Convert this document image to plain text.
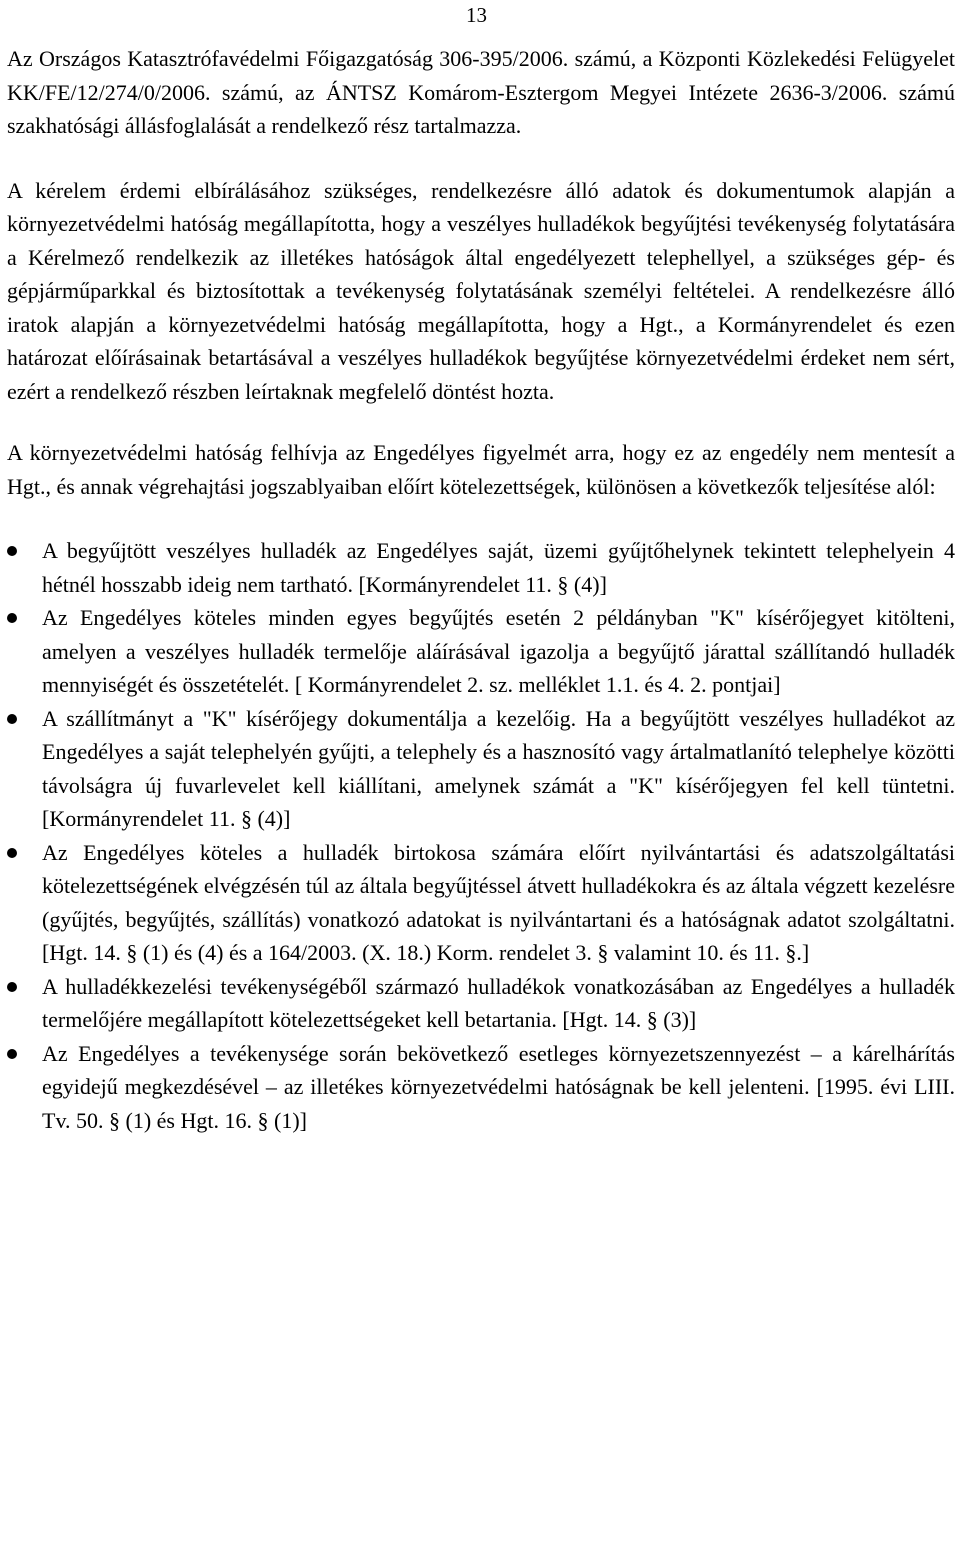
13

Az Országos Katasztrófavédelmi Főigazgatóság 306-395/2006. számú, a Központi Közlekedési Felügyelet KK/FE/12/274/0/2006. számú, az ÁNTSZ Komárom-Esztergom Megyei Intézete 2636-3/2006. számú szakhatósági állásfoglalását a rendelkező rész tartalmazza.

A kérelem érdemi elbírálásához szükséges, rendelkezésre álló adatok és dokumentumok alapján a környezetvédelmi hatóság megállapította, hogy a veszélyes hulladékok begyűjtési tevékenység folytatására a Kérelmező rendelkezik az illetékes hatóságok által engedélyezett telephellyel, a szükséges gép- és gépjárműparkkal és biztosítottak a tevékenység folytatásának személyi feltételei. A rendelkezésre álló iratok alapján a környezetvédelmi hatóság megállapította, hogy a Hgt., a Kormányrendelet és ezen határozat előírásainak betartásával a veszélyes hulladékok begyűjtése környezetvédelmi érdeket nem sért, ezért a rendelkező részben leírtaknak megfelelő döntést hozta.

A környezetvédelmi hatóság felhívja az Engedélyes figyelmét arra, hogy ez az engedély nem mentesít a Hgt., és annak végrehajtási jogszablyaiban előírt kötelezettségek, különösen a következők teljesítése alól:

A begyűjtött veszélyes hulladék az Engedélyes saját, üzemi gyűjtőhelynek tekintett telephelyein 4 hétnél hosszabb ideig nem tartható. [Kormányrendelet 11. § (4)]
Az Engedélyes köteles minden egyes begyűjtés esetén 2 példányban "K" kísérőjegyet kitölteni, amelyen a veszélyes hulladék termelője aláírásával igazolja a begyűjtő járattal szállítandó hulladék mennyiségét és összetételét. [ Kormányrendelet 2. sz. melléklet 1.1. és 4. 2. pontjai]
A szállítmányt a "K" kísérőjegy dokumentálja a kezelőig. Ha a begyűjtött veszélyes hulladékot az Engedélyes a saját telephelyén gyűjti, a telephely és a hasznosító vagy ártalmatlanító telephelye közötti távolságra új fuvarlevelet kell kiállítani, amelynek számát a "K" kísérőjegyen fel kell tüntetni. [Kormányrendelet 11. § (4)]
Az Engedélyes köteles a hulladék birtokosa számára előírt nyilvántartási és adatszolgáltatási kötelezettségének elvégzésén túl az általa begyűjtéssel átvett hulladékokra és az általa végzett kezelésre (gyűjtés, begyűjtés, szállítás) vonatkozó adatokat is nyilvántartani és a hatóságnak adatot szolgáltatni. [Hgt. 14. § (1) és (4) és a 164/2003. (X. 18.) Korm. rendelet 3. § valamint 10. és 11. §.]
A hulladékkezelési tevékenységéből származó hulladékok vonatkozásában az Engedélyes a hulladék termelőjére megállapított kötelezettségeket kell betartania. [Hgt. 14. § (3)]
Az Engedélyes a tevékenysége során bekövetkező esetleges környezetszennyezést – a kárelhárítás egyidejű megkezdésével – az illetékes környezetvédelmi hatóságnak be kell jelenteni. [1995. évi LIII. Tv. 50. § (1) és Hgt. 16. § (1)]
